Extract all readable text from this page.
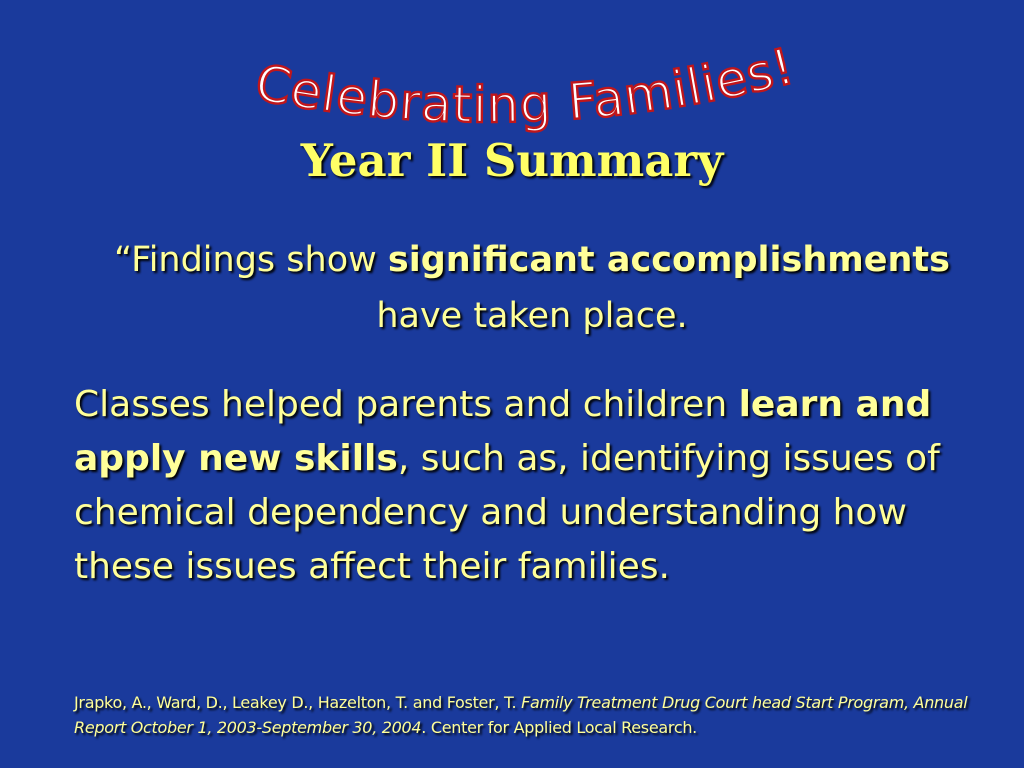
Celebrating Families!
Year II Summary

“Findings show significant accomplishments have taken place.

Classes helped parents and children learn and apply new skills, such as, identifying issues of chemical dependency and understanding how these issues affect their families.

Jrapko, A., Ward, D., Leakey D., Hazelton, T. and Foster, T. Family Treatment Drug Court head Start Program, Annual Report October 1, 2003-September 30, 2004. Center for Applied Local Research.
